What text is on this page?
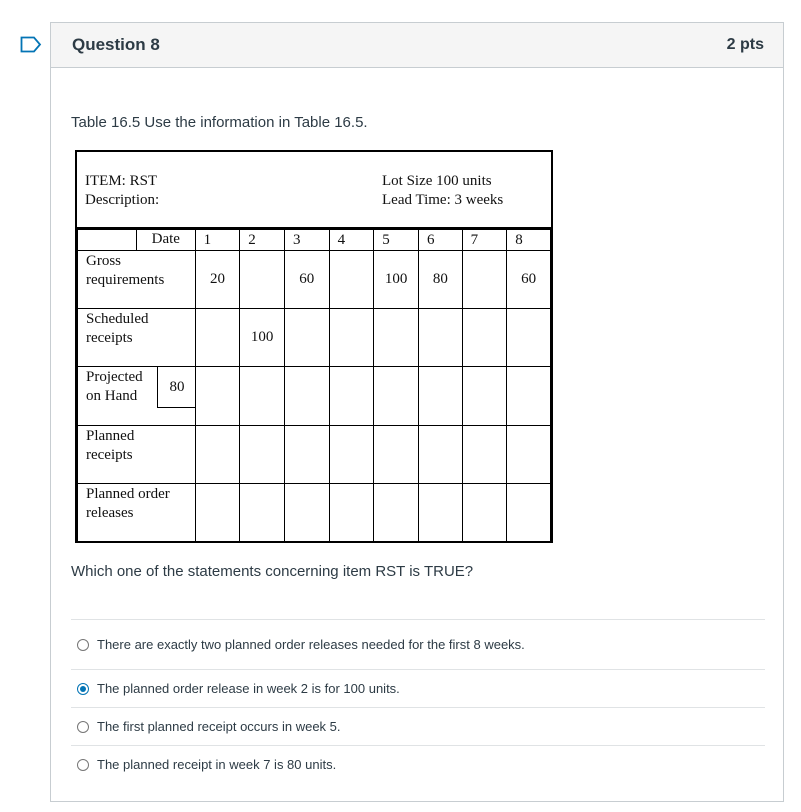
Question 8	2 pts
Table 16.5 Use the information in Table 16.5.
ITEM: RST
Description:
Lot Size 100 units
Lead Time: 3 weeks
Date	1	2	3	4	5	6	7	8

Gross
requirements	20		60		100	80		60

Scheduled
receipts		100						

Projected
on Hand
80								

Planned
receipts								

Planned order
releases								

Which one of the statements concerning item RST is TRUE?
There are exactly two planned order releases needed for the first 8 weeks.
The planned order release in week 2 is for 100 units.
The first planned receipt occurs in week 5.
The planned receipt in week 7 is 80 units.
